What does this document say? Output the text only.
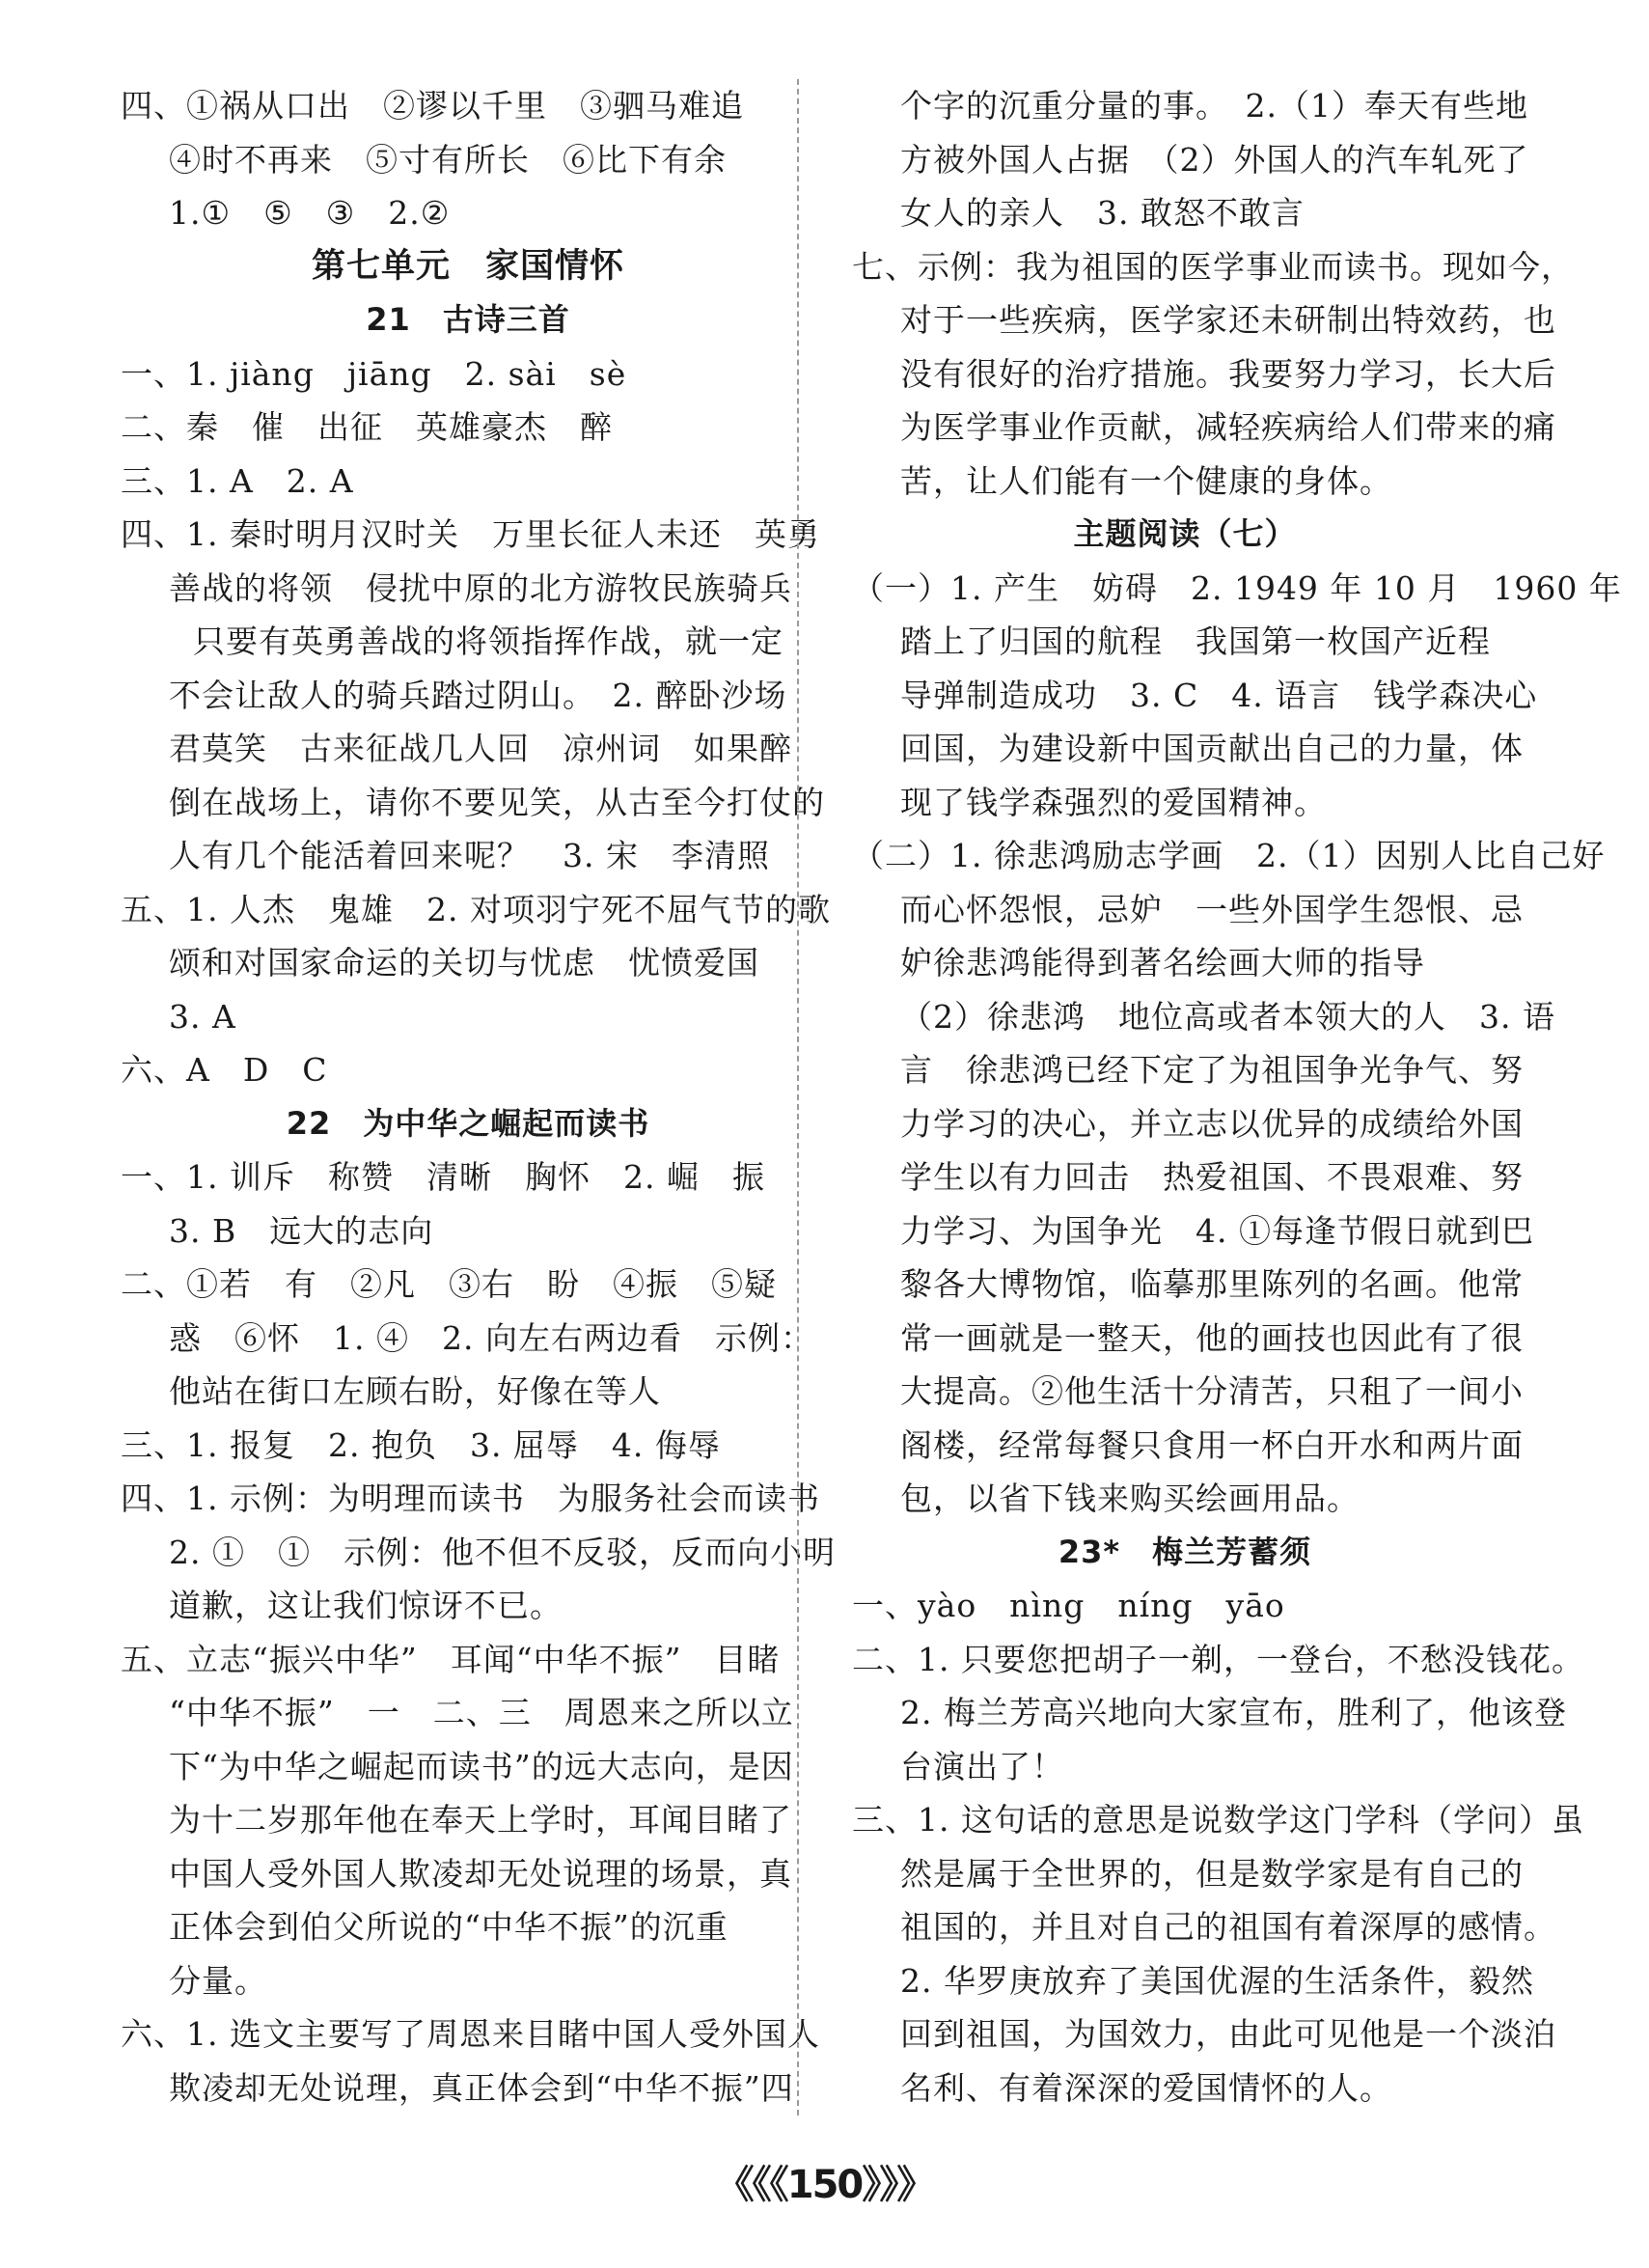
四、①祸从口出　②谬以千里　③驷马难追
④时不再来　⑤寸有所长　⑥比下有余
1.①　⑤　③　2.②
第七单元　家国情怀
21　古诗三首
一、1. jiàng　jiāng　2. sài　sè
二、秦　催　出征　英雄豪杰　醉
三、1. A　2. A
四、1. 秦时明月汉时关　万里长征人未还　英勇
善战的将领　侵扰中原的北方游牧民族骑兵
只要有英勇善战的将领指挥作战，就一定
不会让敌人的骑兵踏过阴山。　2. 醉卧沙场
君莫笑　古来征战几人回　凉州词　如果醉
倒在战场上，请你不要见笑，从古至今打仗的
人有几个能活着回来呢？　3. 宋　李清照
五、1. 人杰　鬼雄　2. 对项羽宁死不屈气节的歌
颂和对国家命运的关切与忧虑　忧愤爱国
3. A
六、A　D　C
22　为中华之崛起而读书
一、1. 训斥　称赞　清晰　胸怀　2. 崛　振
3. B　远大的志向
二、①若　有　②凡　③右　盼　④振　⑤疑
惑　⑥怀　1. ④　2. 向左右两边看　示例：
他站在街口左顾右盼，好像在等人
三、1. 报复　2. 抱负　3. 屈辱　4. 侮辱
四、1. 示例：为明理而读书　为服务社会而读书
2. ①　①　示例：他不但不反驳，反而向小明
道歉，这让我们惊讶不已。
五、立志“振兴中华”　耳闻“中华不振”　目睹
“中华不振”　一　二、三　周恩来之所以立
下“为中华之崛起而读书”的远大志向，是因
为十二岁那年他在奉天上学时，耳闻目睹了
中国人受外国人欺凌却无处说理的场景，真
正体会到伯父所说的“中华不振”的沉重
分量。
六、1. 选文主要写了周恩来目睹中国人受外国人
欺凌却无处说理，真正体会到“中华不振”四
个字的沉重分量的事。　2.（1）奉天有些地
方被外国人占据　（2）外国人的汽车轧死了
女人的亲人　3. 敢怒不敢言
七、示例：我为祖国的医学事业而读书。现如今，
对于一些疾病，医学家还未研制出特效药，也
没有很好的治疗措施。我要努力学习，长大后
为医学事业作贡献，减轻疾病给人们带来的痛
苦，让人们能有一个健康的身体。
主题阅读（七）
（一）1. 产生　妨碍　2. 1949 年 10 月　1960 年
踏上了归国的航程　我国第一枚国产近程
导弹制造成功　3. C　4. 语言　钱学森决心
回国，为建设新中国贡献出自己的力量，体
现了钱学森强烈的爱国精神。
（二）1. 徐悲鸿励志学画　2.（1）因别人比自己好
而心怀怨恨，忌妒　一些外国学生怨恨、忌
妒徐悲鸿能得到著名绘画大师的指导
（2）徐悲鸿　地位高或者本领大的人　3. 语
言　徐悲鸿已经下定了为祖国争光争气、努
力学习的决心，并立志以优异的成绩给外国
学生以有力回击　热爱祖国、不畏艰难、努
力学习、为国争光　4. ①每逢节假日就到巴
黎各大博物馆，临摹那里陈列的名画。他常
常一画就是一整天，他的画技也因此有了很
大提高。②他生活十分清苦，只租了一间小
阁楼，经常每餐只食用一杯白开水和两片面
包，以省下钱来购买绘画用品。
23*　梅兰芳蓄须
一、yào　nìng　níng　yāo
二、1. 只要您把胡子一剃，一登台，不愁没钱花。
2. 梅兰芳高兴地向大家宣布，胜利了，他该登
台演出了！
三、1. 这句话的意思是说数学这门学科（学问）虽
然是属于全世界的，但是数学家是有自己的
祖国的，并且对自己的祖国有着深厚的感情。
2. 华罗庚放弃了美国优渥的生活条件，毅然
回到祖国，为国效力，由此可见他是一个淡泊
名利、有着深深的爱国情怀的人。
《《《150》》》
